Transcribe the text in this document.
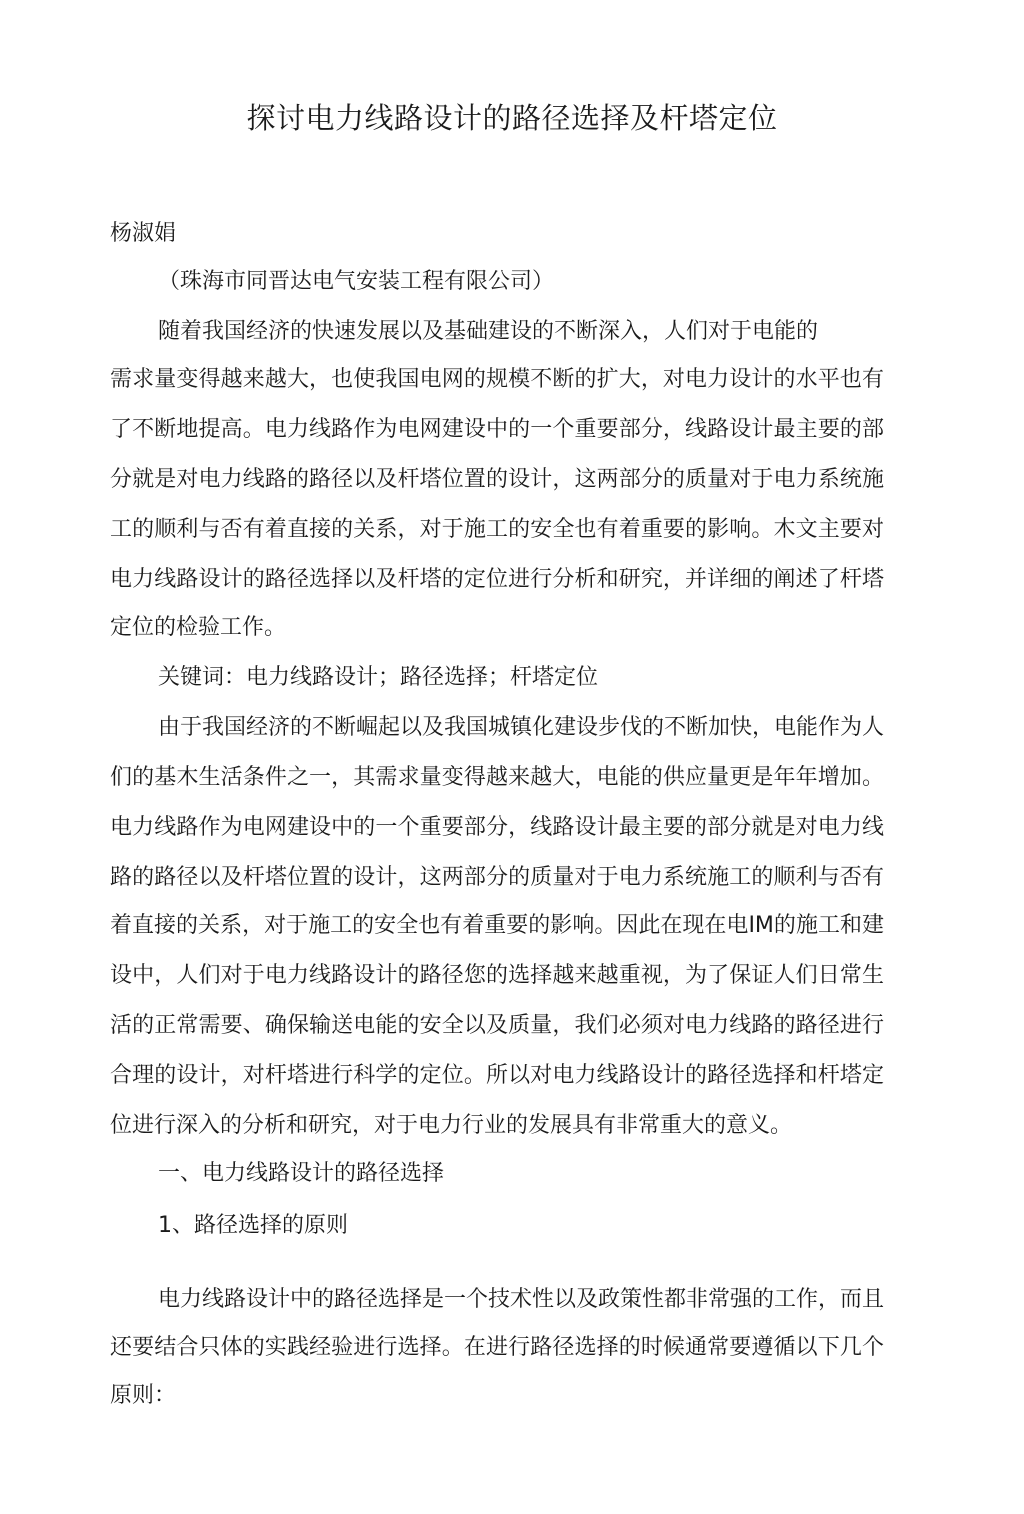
探讨电力线路设计的路径选择及杆塔定位
杨淑娟
（珠海市同晋达电气安装工程有限公司）
随着我国经济的快速发展以及基础建设的不断深入，人们对于电能的
需求量变得越来越大，也使我国电网的规模不断的扩大，对电力设计的水平也有
了不断地提高。电力线路作为电网建设中的一个重要部分，线路设计最主要的部
分就是对电力线路的路径以及杆塔位置的设计，这两部分的质量对于电力系统施
工的顺利与否有着直接的关系，对于施工的安全也有着重要的影响。木文主要对
电力线路设计的路径选择以及杆塔的定位进行分析和研究，并详细的阐述了杆塔
定位的检验工作。
关键词：电力线路设计；路径选择；杆塔定位
由于我国经济的不断崛起以及我国城镇化建设步伐的不断加快，电能作为人
们的基木生活条件之一，其需求量变得越来越大，电能的供应量更是年年增加。
电力线路作为电网建设中的一个重要部分，线路设计最主要的部分就是对电力线
路的路径以及杆塔位置的设计，这两部分的质量对于电力系统施工的顺利与否有
着直接的关系，对于施工的安全也有着重要的影响。因此在现在电IM的施工和建
设中，人们对于电力线路设计的路径您的选择越来越重视，为了保证人们日常生
活的正常需要、确保输送电能的安全以及质量，我们必须对电力线路的路径进行
合理的设计，对杆塔进行科学的定位。所以对电力线路设计的路径选择和杆塔定
位进行深入的分析和研究，对于电力行业的发展具有非常重大的意义。
一、电力线路设计的路径选择
1、路径选择的原则
电力线路设计中的路径选择是一个技术性以及政策性都非常强的工作，而且
还要结合只体的实践经验进行选择。在进行路径选择的时候通常要遵循以下几个
原则：
